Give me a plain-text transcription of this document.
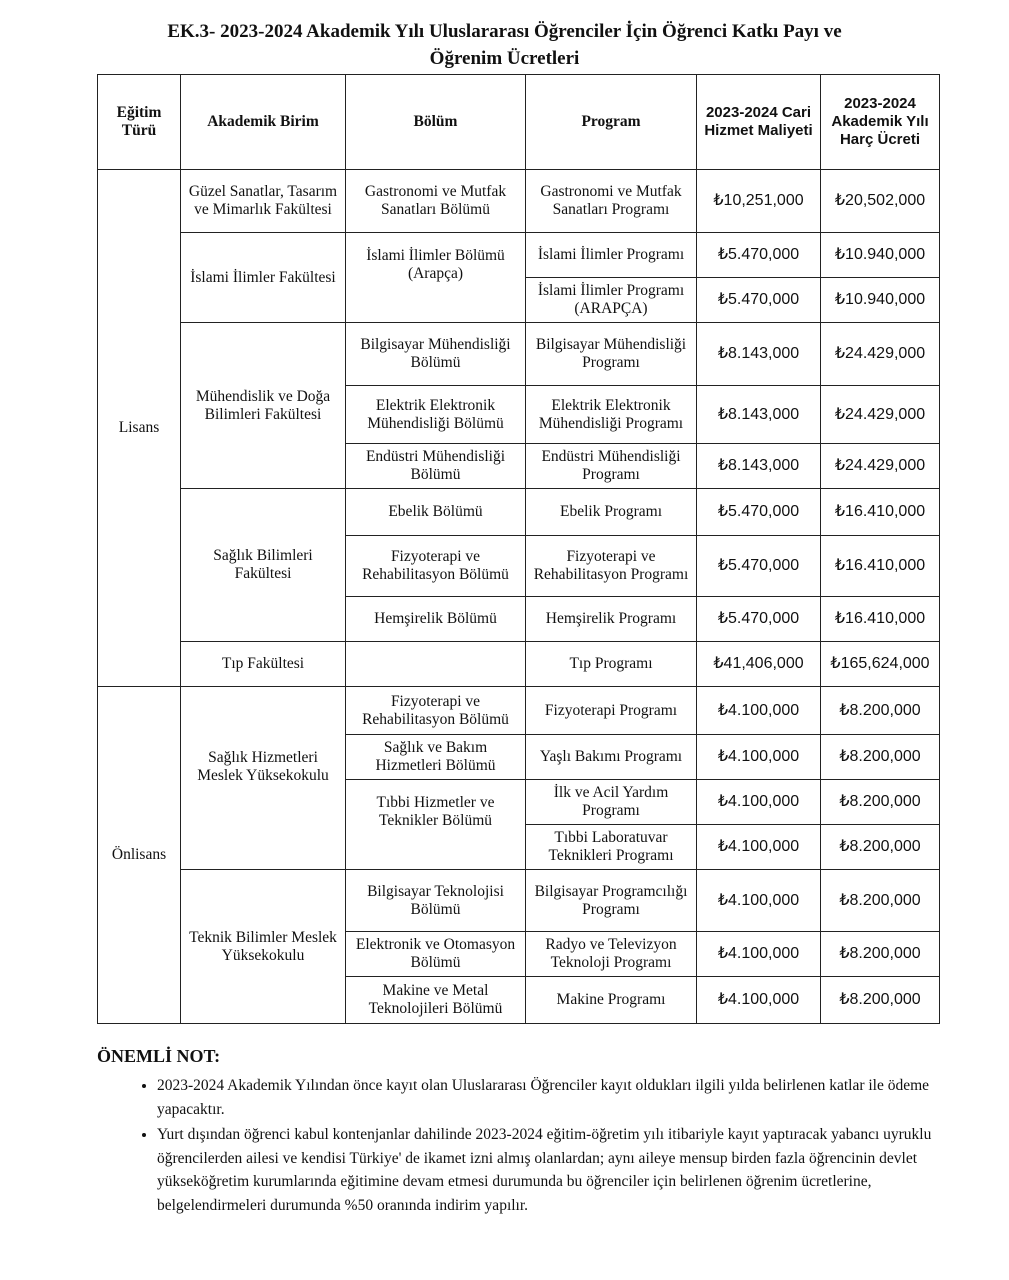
EK.3- 2023-2024 Akademik Yılı Uluslararası Öğrenciler İçin Öğrenci Katkı Payı ve
Öğrenim Ücretleri
Eğitim Türü	Akademik Birim	Bölüm	Program	2023-2024 Cari Hizmet Maliyeti	2023-2024 Akademik Yılı Harç Ücreti
Lisans	Güzel Sanatlar, Tasarım ve Mimarlık Fakültesi	Gastronomi ve Mutfak Sanatları Bölümü	Gastronomi ve Mutfak Sanatları Programı	₺10,251,000	₺20,502,000
	İslami İlimler Fakültesi	İslami İlimler Bölümü (Arapça)	İslami İlimler Programı	₺5.470,000	₺10.940,000
			İslami İlimler Programı (ARAPÇA)	₺5.470,000	₺10.940,000
	Mühendislik ve Doğa Bilimleri Fakültesi	Bilgisayar Mühendisliği Bölümü	Bilgisayar Mühendisliği Programı	₺8.143,000	₺24.429,000
		Elektrik Elektronik Mühendisliği Bölümü	Elektrik Elektronik Mühendisliği Programı	₺8.143,000	₺24.429,000
		Endüstri Mühendisliği Bölümü	Endüstri Mühendisliği Programı	₺8.143,000	₺24.429,000
	Sağlık Bilimleri Fakültesi	Ebelik Bölümü	Ebelik Programı	₺5.470,000	₺16.410,000
		Fizyoterapi ve Rehabilitasyon Bölümü	Fizyoterapi ve Rehabilitasyon Programı	₺5.470,000	₺16.410,000
		Hemşirelik Bölümü	Hemşirelik Programı	₺5.470,000	₺16.410,000
	Tıp Fakültesi		Tıp Programı	₺41,406,000	₺165,624,000

Önlisans	Sağlık Hizmetleri Meslek Yüksekokulu	Fizyoterapi ve Rehabilitasyon Bölümü	Fizyoterapi Programı	₺4.100,000	₺8.200,000
		Sağlık ve Bakım Hizmetleri Bölümü	Yaşlı Bakımı Programı	₺4.100,000	₺8.200,000
		Tıbbi Hizmetler ve Teknikler Bölümü	İlk ve Acil Yardım Programı	₺4.100,000	₺8.200,000
			Tıbbi Laboratuvar Teknikleri Programı	₺4.100,000	₺8.200,000
	Teknik Bilimler Meslek Yüksekokulu	Bilgisayar Teknolojisi Bölümü	Bilgisayar Programcılığı Programı	₺4.100,000	₺8.200,000
		Elektronik ve Otomasyon Bölümü	Radyo ve Televizyon Teknoloji Programı	₺4.100,000	₺8.200,000
		Makine ve Metal Teknolojileri Bölümü	Makine Programı	₺4.100,000	₺8.200,000
ÖNEMLİ NOT:
• 2023-2024 Akademik Yılından önce kayıt olan Uluslararası Öğrenciler kayıt oldukları ilgili yılda belirlenen katlar ile ödeme yapacaktır.
• Yurt dışından öğrenci kabul kontenjanlar dahilinde 2023-2024 eğitim-öğretim yılı itibariyle kayıt yaptıracak yabancı uyruklu öğrencilerden ailesi ve kendisi Türkiye' de ikamet izni almış olanlardan; aynı aileye mensup birden fazla öğrencinin devlet yükseköğretim kurumlarında eğitimine devam etmesi durumunda bu öğrenciler için belirlenen öğrenim ücretlerine, belgelendirmeleri durumunda %50 oranında indirim yapılır.
